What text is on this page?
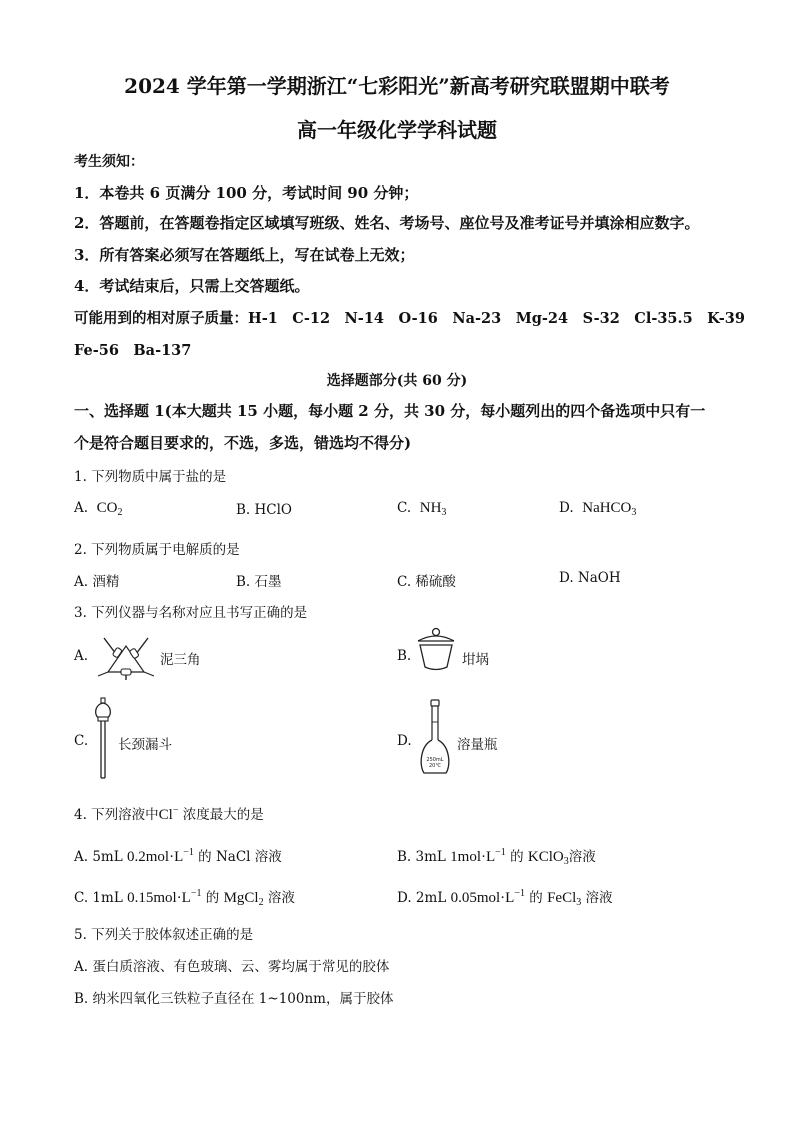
2024 学年第一学期浙江“七彩阳光”新高考研究联盟期中联考
高一年级化学学科试题
考生须知：
1．本卷共 6 页满分 100 分，考试时间 90 分钟；
2．答题前，在答题卷指定区域填写班级、姓名、考场号、座位号及准考证号并填涂相应数字。
3．所有答案必须写在答题纸上，写在试卷上无效；
4．考试结束后，只需上交答题纸。
可能用到的相对原子质量：H-1　C-12　N-14　O-16　Na-23　Mg-24　S-32　Cl-35.5　K-39
Fe-56　Ba-137
选择题部分(共 60 分)
一、选择题 1(本大题共 15 小题，每小题 2 分，共 30 分，每小题列出的四个备选项中只有一
个是符合题目要求的，不选，多选，错选均不得分)
1. 下列物质中属于盐的是
A. $CO_2$	B. HClO	C. $NH_3$	D. NaHCO$_3$
2. 下列物质属于电解质的是
A. 酒精	B. 石墨	C. 稀硫酸	D. NaOH
3. 下列仪器与名称对应且书写正确的是
A.	泥三角	B.	坩埚
C. 长颈漏斗	D.
250mL
20℃
溶量瓶
4. 下列溶液中Cl− 浓度最大的是
A. 5mL $0.2mol\cdot L^{-1}$ 的 NaCl 溶液	B. 3mL $1mol\cdot L^{-1}$ 的 KClO$_3$溶液
C. 1mL $0.15mol\cdot L^{-1}$ 的 MgCl$_2$ 溶液	D. 2mL $0.05mol\cdot L^{-1}$ 的 FeCl$_3$ 溶液
5. 下列关于胶体叙述正确的是
A. 蛋白质溶液、有色玻璃、云、雾均属于常见的胶体
B. 纳米四氧化三铁粒子直径在 1~100nm，属于胶体
